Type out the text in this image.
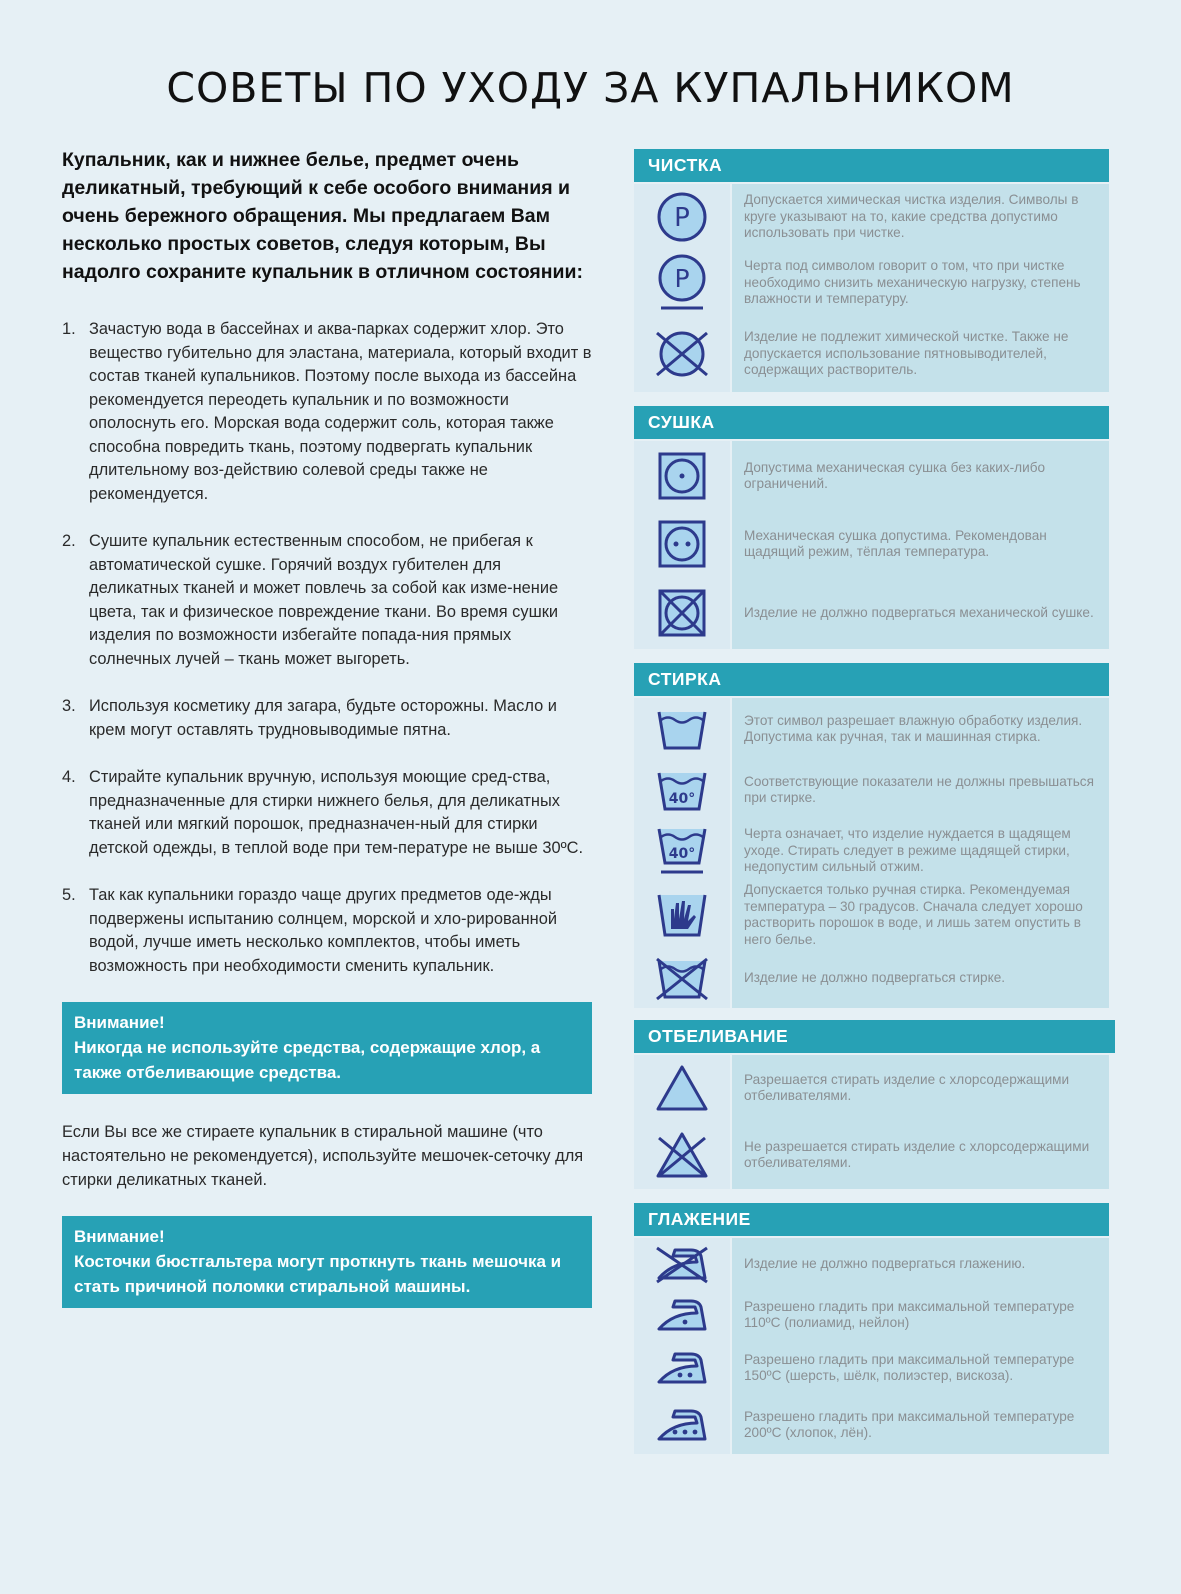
СОВЕТЫ ПО УХОДУ ЗА КУПАЛЬНИКОМ

Купальник, как и нижнее белье, предмет очень деликатный, требующий к себе особого внимания и очень бережного обращения. Мы предлагаем Вам несколько простых советов, следуя которым, Вы надолго сохраните купальник в отличном состоянии:

1. Зачастую вода в бассейнах и аква-парках содержит хлор. Это вещество губительно для эластана, материала, который входит в состав тканей купальников. Поэтому после выхода из бассейна рекомендуется переодеть купальник и по возможности ополоснуть его. Морская вода содержит соль, которая также способна повредить ткань, поэтому подвергать купальник длительному воз-действию солевой среды также не рекомендуется.
2. Сушите купальник естественным способом, не прибегая к автоматической сушке. Горячий воздух губителен для деликатных тканей и может повлечь за собой как изме-нение цвета, так и физическое повреждение ткани. Во время сушки изделия по возможности избегайте попада-ния прямых солнечных лучей – ткань может выгореть.
3. Используя косметику для загара, будьте осторожны. Масло и крем могут оставлять трудновыводимые пятна.
4. Стирайте купальник вручную, используя моющие сред-ства, предназначенные для стирки нижнего белья, для деликатных тканей или мягкий порошок, предназначен-ный для стирки детской одежды, в теплой воде при тем-пературе не выше 30ºС.
5. Так как купальники гораздо чаще других предметов оде-жды подвержены испытанию солнцем, морской и хло-рированной водой, лучше иметь несколько комплектов, чтобы иметь возможность при необходимости сменить купальник.
Внимание!
Никогда не используйте средства, содержащие хлор, а также отбеливающие средства.

Если Вы все же стираете купальник в стиральной машине (что настоятельно не рекомендуется), используйте мешочек-сеточку для стирки деликатных тканей.

Внимание!
Косточки бюстгальтера могут проткнуть ткань мешочка и стать причиной поломки стиральной машины.
ЧИСТКА
P
Допускается химическая чистка изделия. Символы в круге указывают на то, какие средства допустимо использовать при чистке.
P	Черта под символом говорит о том, что при чистке необходимо снизить механическую нагрузку, степень влажности и температуру.
Изделие не подлежит химической чистке. Также не допускается использование пятновыводителей, содержащих растворитель.
СУШКА
Допустима механическая сушка без каких-либо ограничений.
Механическая сушка допустима. Рекомендован щадящий режим, тёплая температура.
Изделие не должно подвергаться механической сушке.
СТИРКА
Этот символ разрешает влажную обработку изделия. Допустима как ручная, так и машинная стирка.
40°
Соответствующие показатели не должны превышаться при стирке.
40°
Черта означает, что изделие нуждается в щадящем уходе. Стирать следует в режиме щадящей стирки, недопустим сильный отжим.
Допускается только ручная стирка. Рекомендуемая температура – 30 градусов. Сначала следует хорошо растворить порошок в воде, и лишь затем опустить в него белье.
Изделие не должно подвергаться стирке.
ОТБЕЛИВАНИЕ
Разрешается стирать изделие с хлорсодержащими отбеливателями.
Не разрешается стирать изделие с хлорсодержащими отбеливателями.
ГЛАЖЕНИЕ
Изделие не должно подвергаться глажению.
Разрешено гладить при максимальной температуре 110ºС (полиамид, нейлон)
Разрешено гладить при максимальной температуре 150ºС (шерсть, шёлк, полиэстер, вискоза).
Разрешено гладить при максимальной температуре 200ºС (хлопок, лён).
